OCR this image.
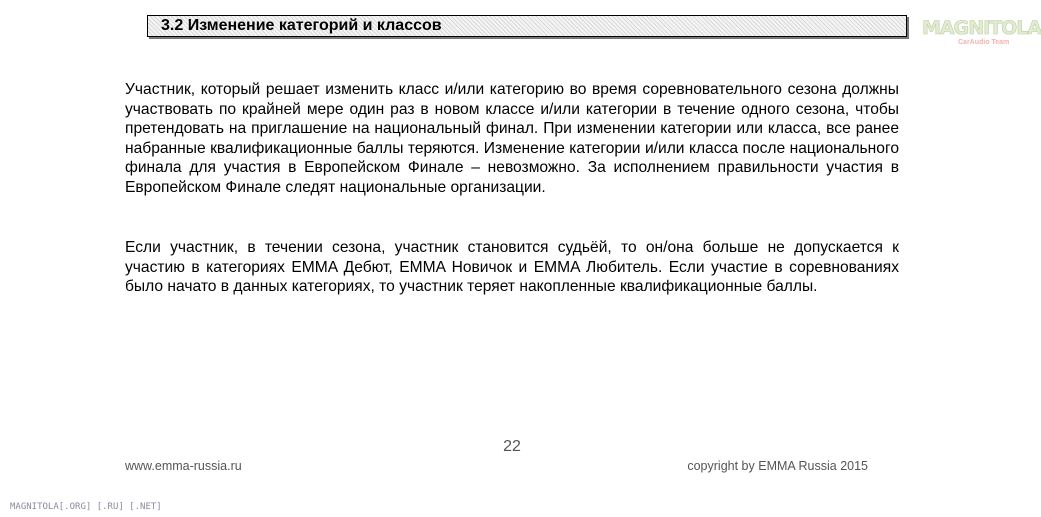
3.2 Изменение категорий и классов	MAGNITOLA
CarAudio Team

Участник, который решает изменить класс и/или категорию во время соревновательного сезона должны участвовать по крайней мере один раз в новом классе и/или категории в течение одного сезона, чтобы претендовать на приглашение на национальный финал. При изменении категории или класса, все ранее набранные квалификационные баллы теряются. Изменение категории и/или класса после национального финала для участия в Европейском Финале – невозможно. За исполнением правильности участия в Европейском Финале следят национальные организации.

Если участник, в течении сезона, участник становится судьёй, то он/она больше не допускается к участию в категориях EMMA Дебют, EMMA Новичок и EMMA Любитель. Если участие в соревнованиях было начато в данных категориях, то участник теряет накопленные квалификационные баллы.

22
www.emma-russia.ru	copyright by EMMA Russia 2015
MAGNITOLA[.ORG] [.RU] [.NET]
